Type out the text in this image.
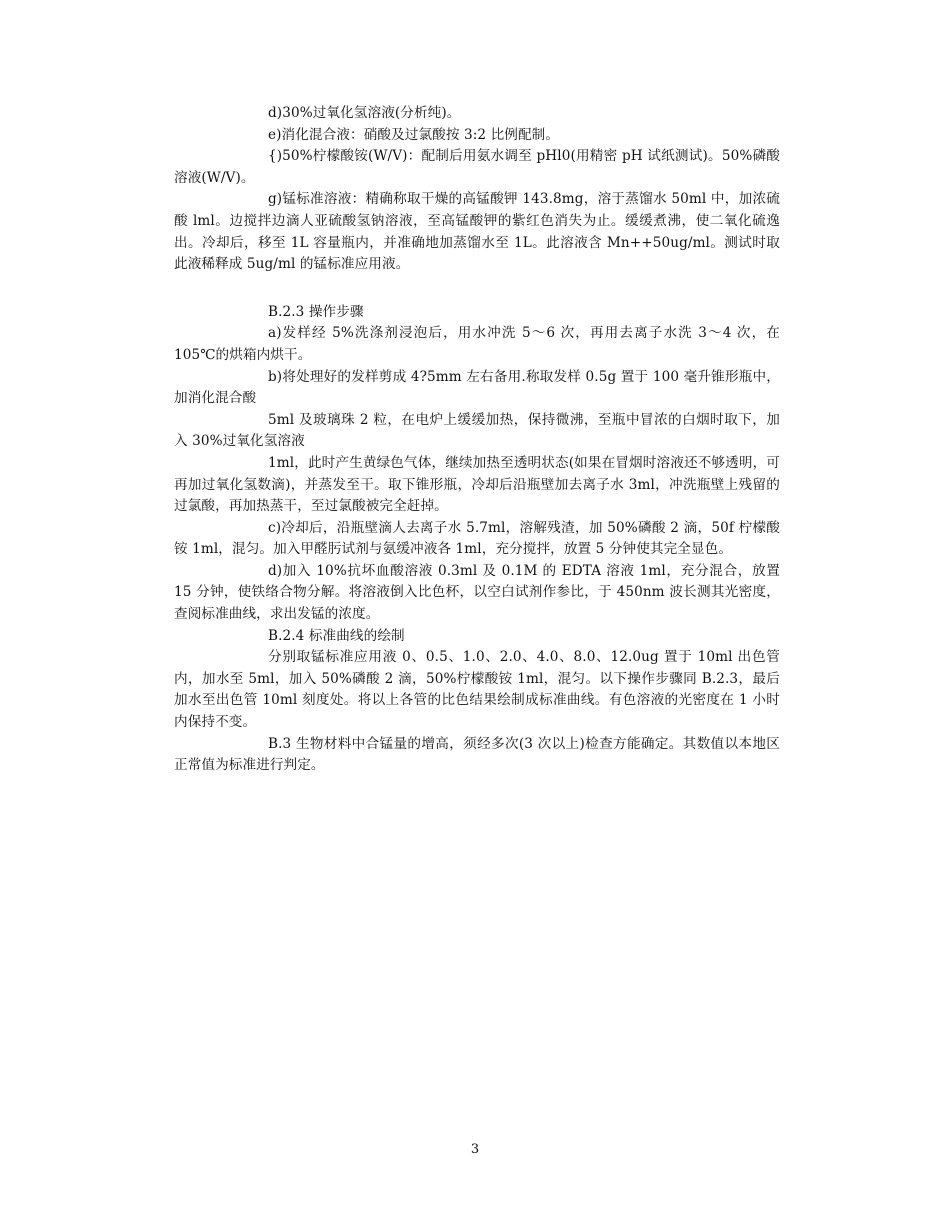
d)30%过氧化氢溶液(分析纯)。

e)消化混合液：硝酸及过氯酸按 3:2 比例配制。

{)50%柠檬酸铵(W/V)：配制后用氨水调至 pHl0(用精密 pH 试纸测试)。50%磷酸溶液(W/V)。

g)锰标准溶液：精确称取干燥的高锰酸钾 143.8mg，溶于蒸馏水 50ml 中，加浓硫酸 lml。边搅拌边滴人亚硫酸氢钠溶液，至高锰酸钾的紫红色消失为止。缓缓煮沸，使二氧化硫逸出。冷却后，移至 1L 容量瓶内，并准确地加蒸馏水至 1L。此溶液含 Mn++50ug/ml。测试时取此液稀释成 5ug/ml 的锰标准应用液。

B.2.3 操作步骤

a)发样经 5%洗涤剂浸泡后，用水冲洗 5～6 次，再用去离子水洗 3～4 次，在 105℃的烘箱内烘干。

b)将处理好的发样剪成 4?5mm 左右备用.称取发样 0.5g 置于 100 毫升锥形瓶中，加消化混合酸

5ml 及玻璃珠 2 粒，在电炉上缓缓加热，保持微沸，至瓶中冒浓的白烟时取下，加入 30%过氧化氢溶液

1ml，此时产生黄绿色气体，继续加热至透明状态(如果在冒烟时溶液还不够透明，可再加过氧化氢数滴)，并蒸发至干。取下锥形瓶，冷却后沿瓶壁加去离子水 3ml，冲洗瓶壁上残留的过氯酸，再加热蒸干，至过氯酸被完全赶掉。

c)冷却后，沿瓶壁滴人去离子水 5.7ml，溶解残渣，加 50%磷酸 2 滴，50f 柠檬酸铵 1ml，混匀。加入甲醛肟试剂与氨缓冲液各 1ml，充分搅拌，放置 5 分钟使其完全显色。

d)加入 10%抗坏血酸溶液 0.3ml 及 0.1M 的 EDTA 溶液 1ml，充分混合，放置 15 分钟，使铁络合物分解。将溶液倒入比色杯，以空白试剂作参比，于 450nm 波长测其光密度，查阅标准曲线，求出发锰的浓度。

B.2.4 标准曲线的绘制

分别取锰标准应用液 0、0.5、1.0、2.0、4.0、8.0、12.0ug 置于 10ml 出色管内，加水至 5ml，加入 50%磷酸 2 滴，50%柠檬酸铵 1ml，混匀。以下操作步骤同 B.2.3，最后加水至出色管 10ml 刻度处。将以上各管的比色结果绘制成标准曲线。有色溶液的光密度在 1 小时内保持不变。

B.3 生物材料中合锰量的增高，须经多次(3 次以上)检查方能确定。其数值以本地区正常值为标准进行判定。

3
